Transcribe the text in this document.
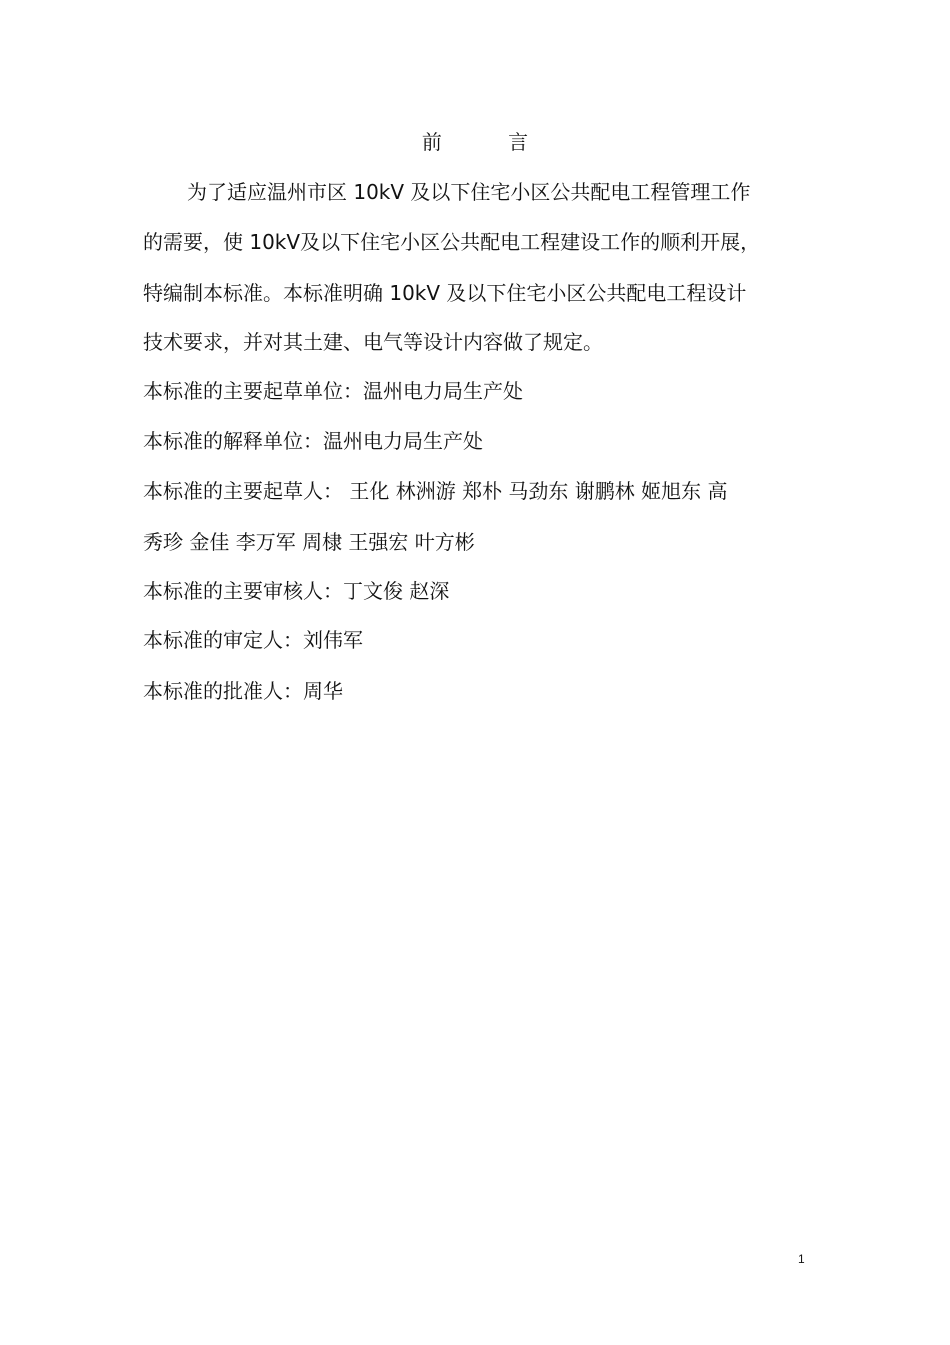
前 言
为了适应温州市区 10kV 及以下住宅小区公共配电工程管理工作
的需要，使 10kV及以下住宅小区公共配电工程建设工作的顺利开展，
特编制本标准。本标准明确 10kV 及以下住宅小区公共配电工程设计
技术要求，并对其土建、电气等设计内容做了规定。
本标准的主要起草单位：温州电力局生产处
本标准的解释单位：温州电力局生产处
本标准的主要起草人： 王化 林洲游 郑朴 马劲东 谢鹏林 姬旭东 高
秀珍 金佳 李万军 周棣 王强宏 叶方彬
本标准的主要审核人：丁文俊 赵深
本标准的审定人：刘伟军
本标准的批准人：周华
1
